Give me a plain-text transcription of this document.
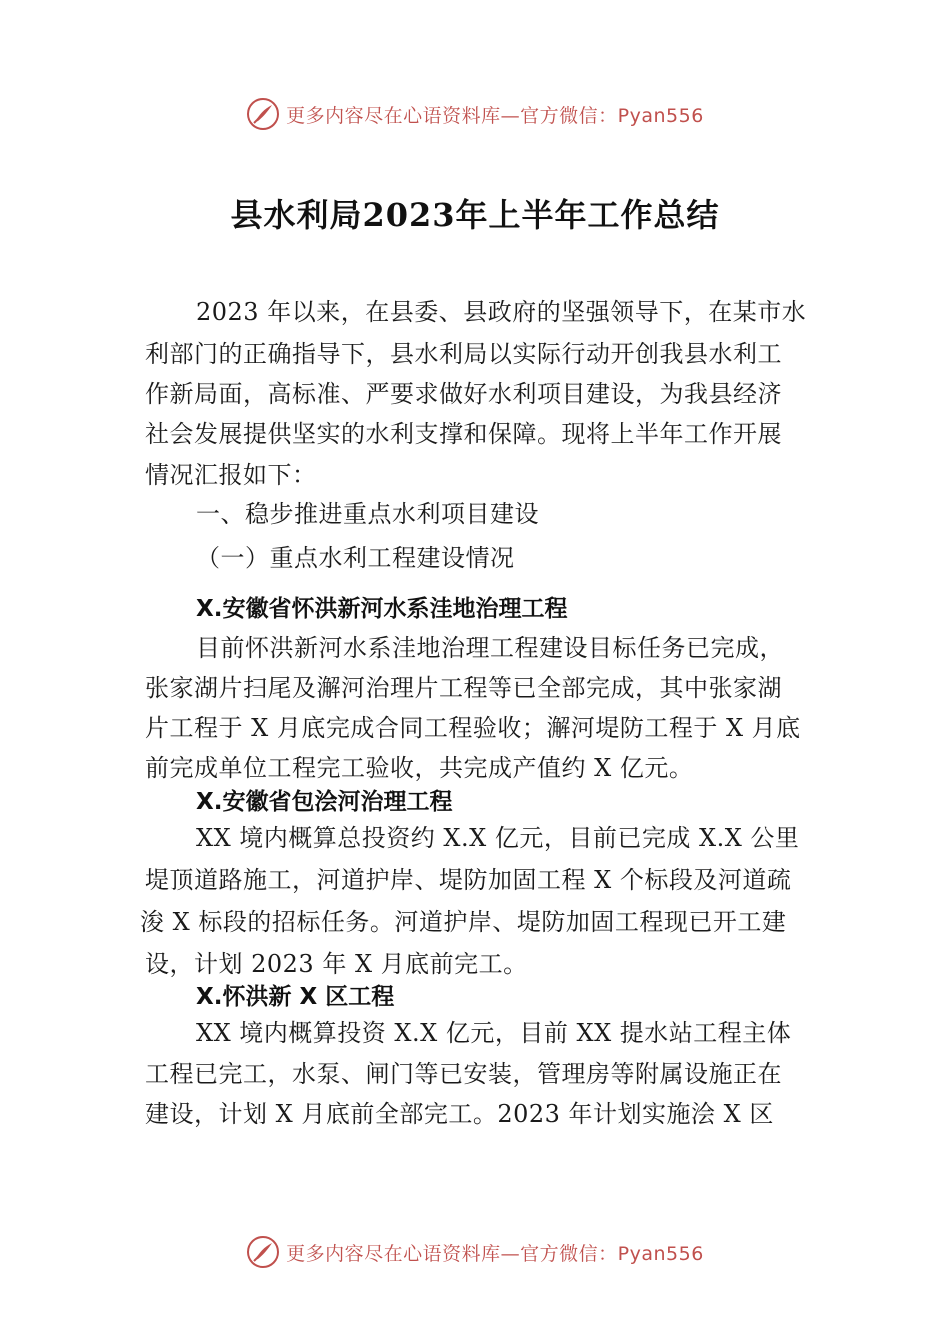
更多内容尽在心语资料库—官方微信：Pyan556
县水利局2023年上半年工作总结
2023 年以来，在县委、县政府的坚强领导下，在某市水
利部门的正确指导下，县水利局以实际行动开创我县水利工
作新局面，高标准、严要求做好水利项目建设，为我县经济
社会发展提供坚实的水利支撑和保障。现将上半年工作开展
情况汇报如下：
一、稳步推进重点水利项目建设
（一）重点水利工程建设情况
X.安徽省怀洪新河水系洼地治理工程
目前怀洪新河水系洼地治理工程建设目标任务已完成，
张家湖片扫尾及澥河治理片工程等已全部完成，其中张家湖
片工程于 X 月底完成合同工程验收；澥河堤防工程于 X 月底
前完成单位工程完工验收，共完成产值约 X 亿元。
X.安徽省包浍河治理工程
XX 境内概算总投资约 X.X 亿元，目前已完成 X.X 公里
堤顶道路施工，河道护岸、堤防加固工程 X 个标段及河道疏
浚 X 标段的招标任务。河道护岸、堤防加固工程现已开工建
设，计划 2023 年 X 月底前完工。
X.怀洪新 X 区工程
XX 境内概算投资 X.X 亿元，目前 XX 提水站工程主体
工程已完工，水泵、闸门等已安装，管理房等附属设施正在
建设，计划 X 月底前全部完工。2023 年计划实施浍 X 区
更多内容尽在心语资料库—官方微信：Pyan556
